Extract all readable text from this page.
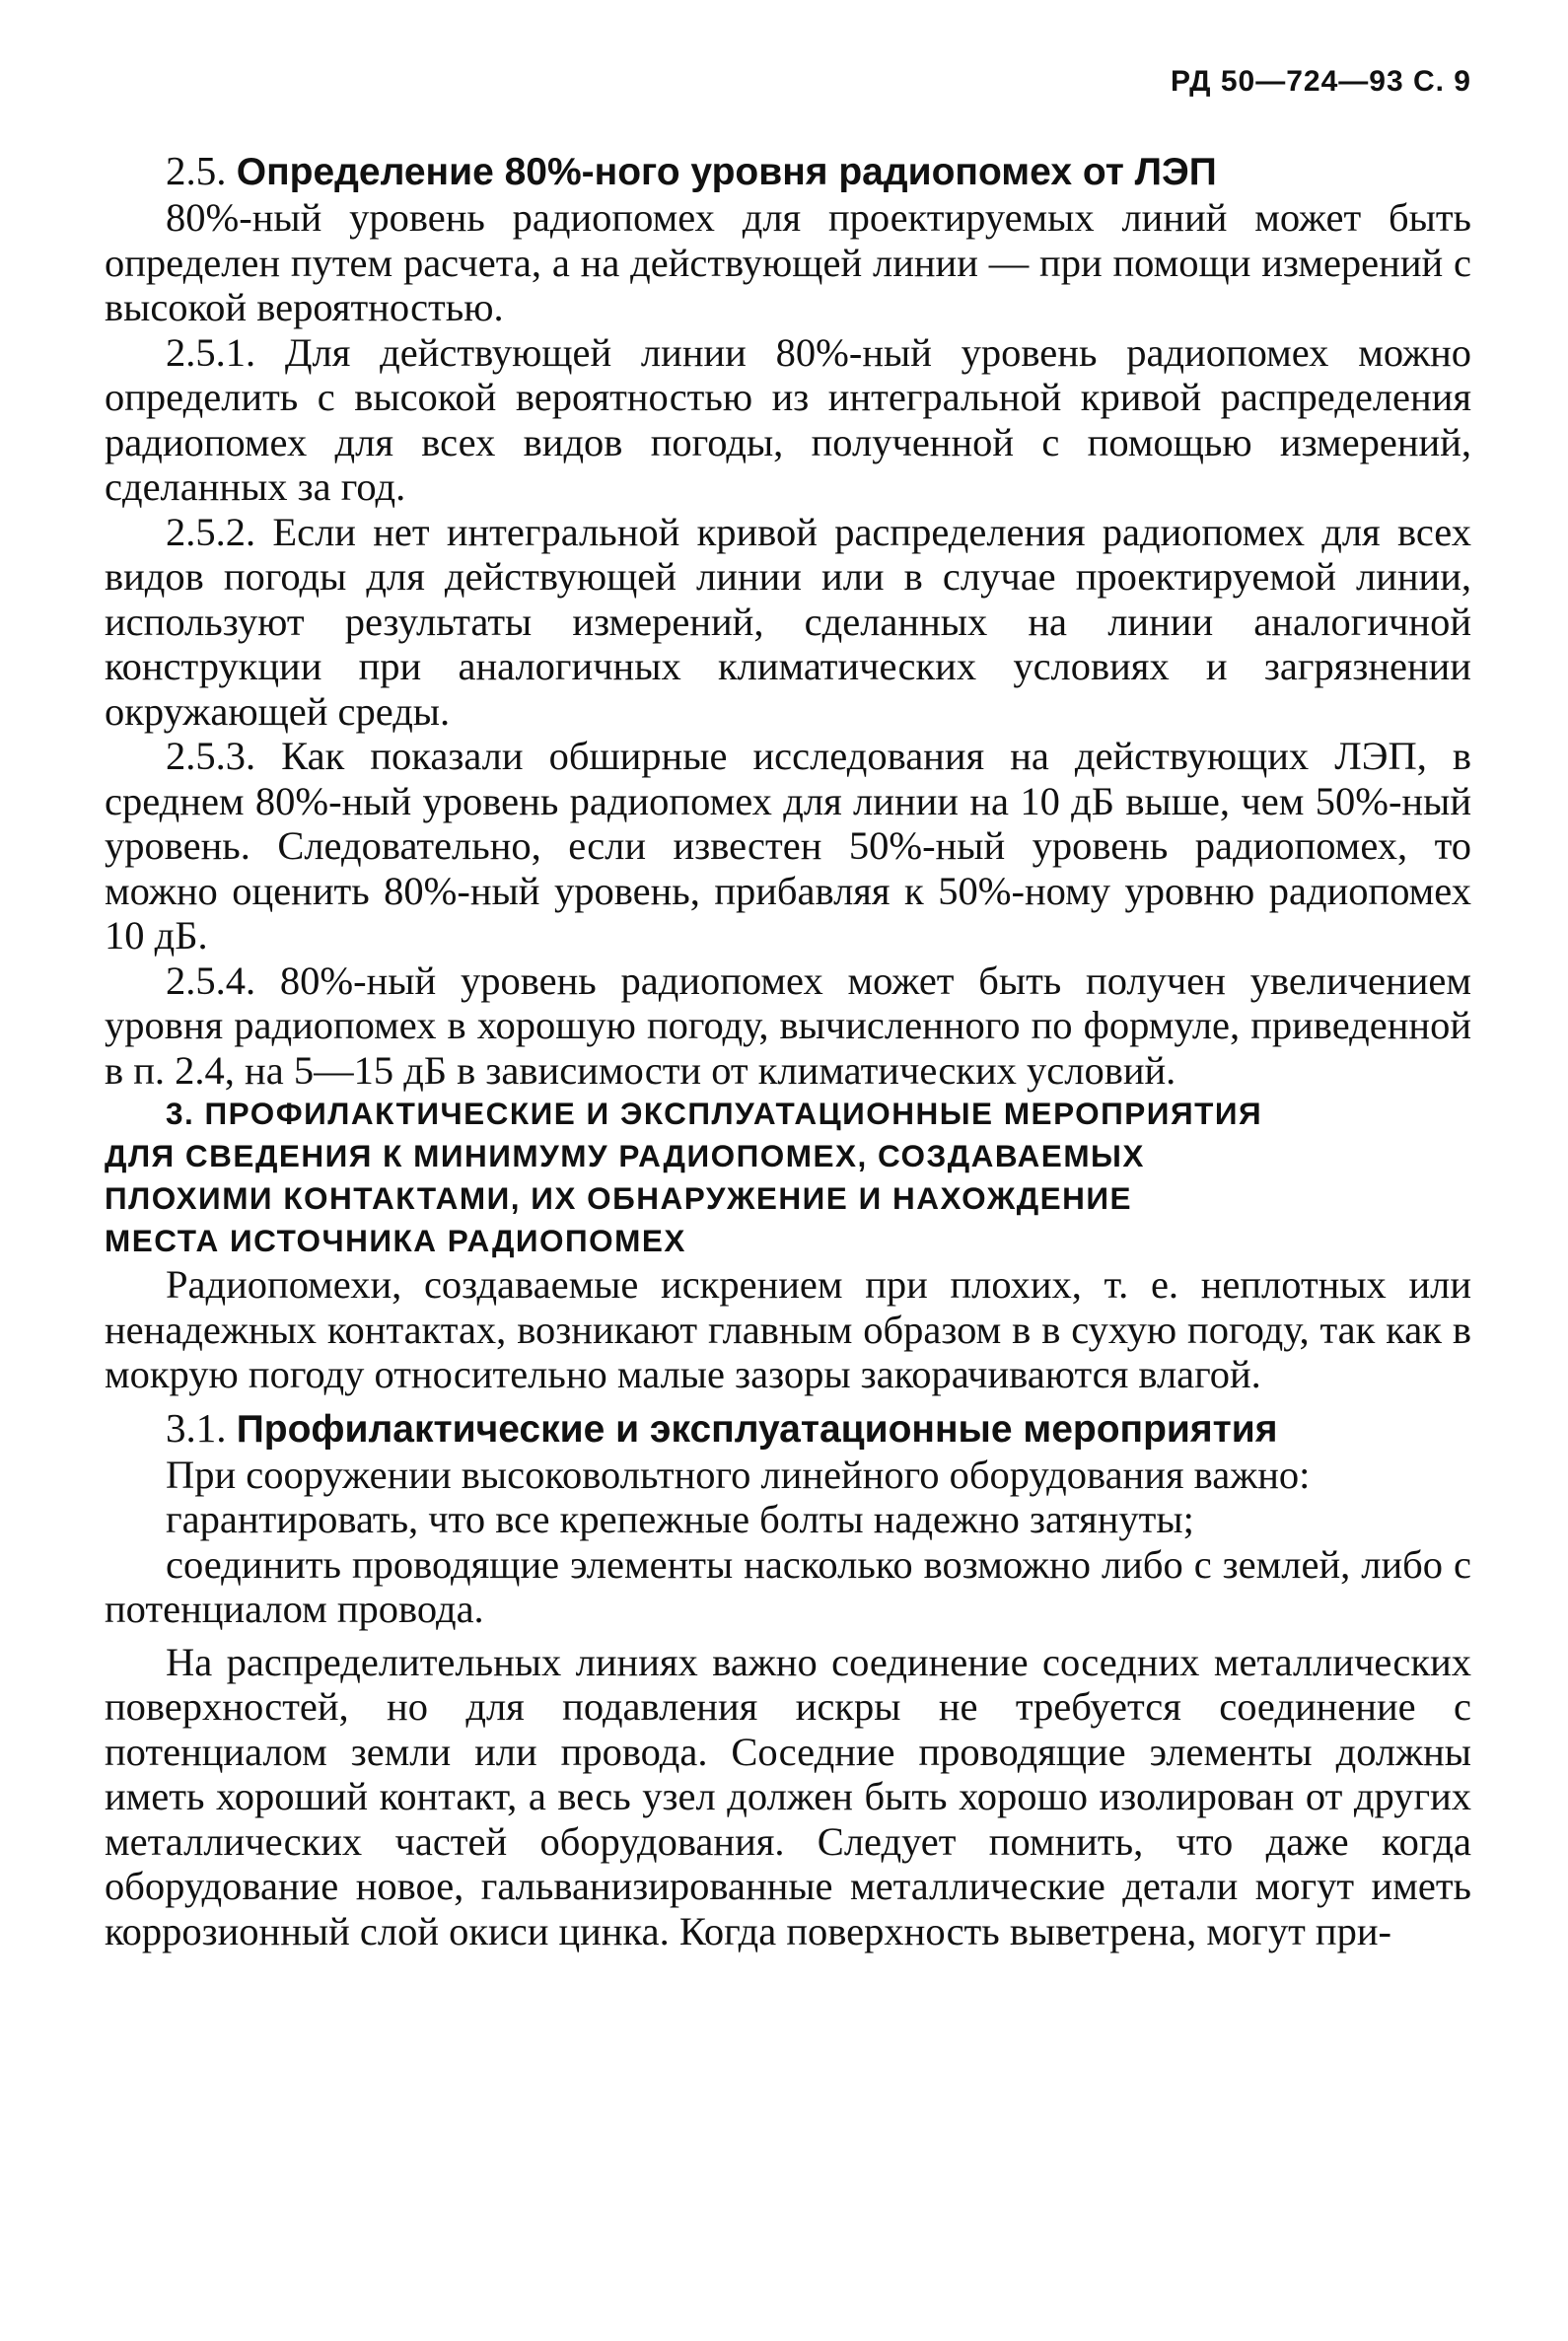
РД 50—724—93 С. 9

2.5. Определение 80%-ного уровня радиопомех от ЛЭП

80%-ный уровень радиопомех для проектируемых линий может быть определен путем расчета, а на действующей линии — при помощи измерений с высокой вероятностью.

2.5.1. Для действующей линии 80%-ный уровень радиопомех можно определить с высокой вероятностью из интегральной кривой распределения радиопомех для всех видов погоды, полученной с помощью измерений, сделанных за год.

2.5.2. Если нет интегральной кривой распределения радиопомех для всех видов погоды для действующей линии или в случае проектируемой линии, используют результаты измерений, сделанных на линии аналогичной конструкции при аналогичных климатических условиях и загрязнении окружающей среды.

2.5.3. Как показали обширные исследования на действующих ЛЭП, в среднем 80%-ный уровень радиопомех для линии на 10 дБ выше, чем 50%-ный уровень. Следовательно, если известен 50%-ный уровень радиопомех, то можно оценить 80%-ный уровень, прибавляя к 50%-ному уровню радиопомех 10 дБ.

2.5.4. 80%-ный уровень радиопомех может быть получен увеличением уровня радиопомех в хорошую погоду, вычисленного по формуле, приведенной в п. 2.4, на 5—15 дБ в зависимости от климатических условий.

3. ПРОФИЛАКТИЧЕСКИЕ И ЭКСПЛУАТАЦИОННЫЕ МЕРОПРИЯТИЯ
ДЛЯ СВЕДЕНИЯ К МИНИМУМУ РАДИОПОМЕХ, СОЗДАВАЕМЫХ
ПЛОХИМИ КОНТАКТАМИ, ИХ ОБНАРУЖЕНИЕ И НАХОЖДЕНИЕ
МЕСТА ИСТОЧНИКА РАДИОПОМЕХ

Радиопомехи, создаваемые искрением при плохих, т. е. неплотных или ненадежных контактах, возникают главным образом в в сухую погоду, так как в мокрую погоду относительно малые зазоры закорачиваются влагой.

3.1. Профилактические и эксплуатационные мероприятия

При сооружении высоковольтного линейного оборудования важно:

гарантировать, что все крепежные болты надежно затянуты;

соединить проводящие элементы насколько возможно либо с землей, либо с потенциалом провода.

На распределительных линиях важно соединение соседних металлических поверхностей, но для подавления искры не требуется соединение с потенциалом земли или провода. Соседние проводящие элементы должны иметь хороший контакт, а весь узел должен быть хорошо изолирован от других металлических частей оборудования. Следует помнить, что даже когда оборудование новое, гальванизированные металлические детали могут иметь коррозионный слой окиси цинка. Когда поверхность выветрена, могут при-
